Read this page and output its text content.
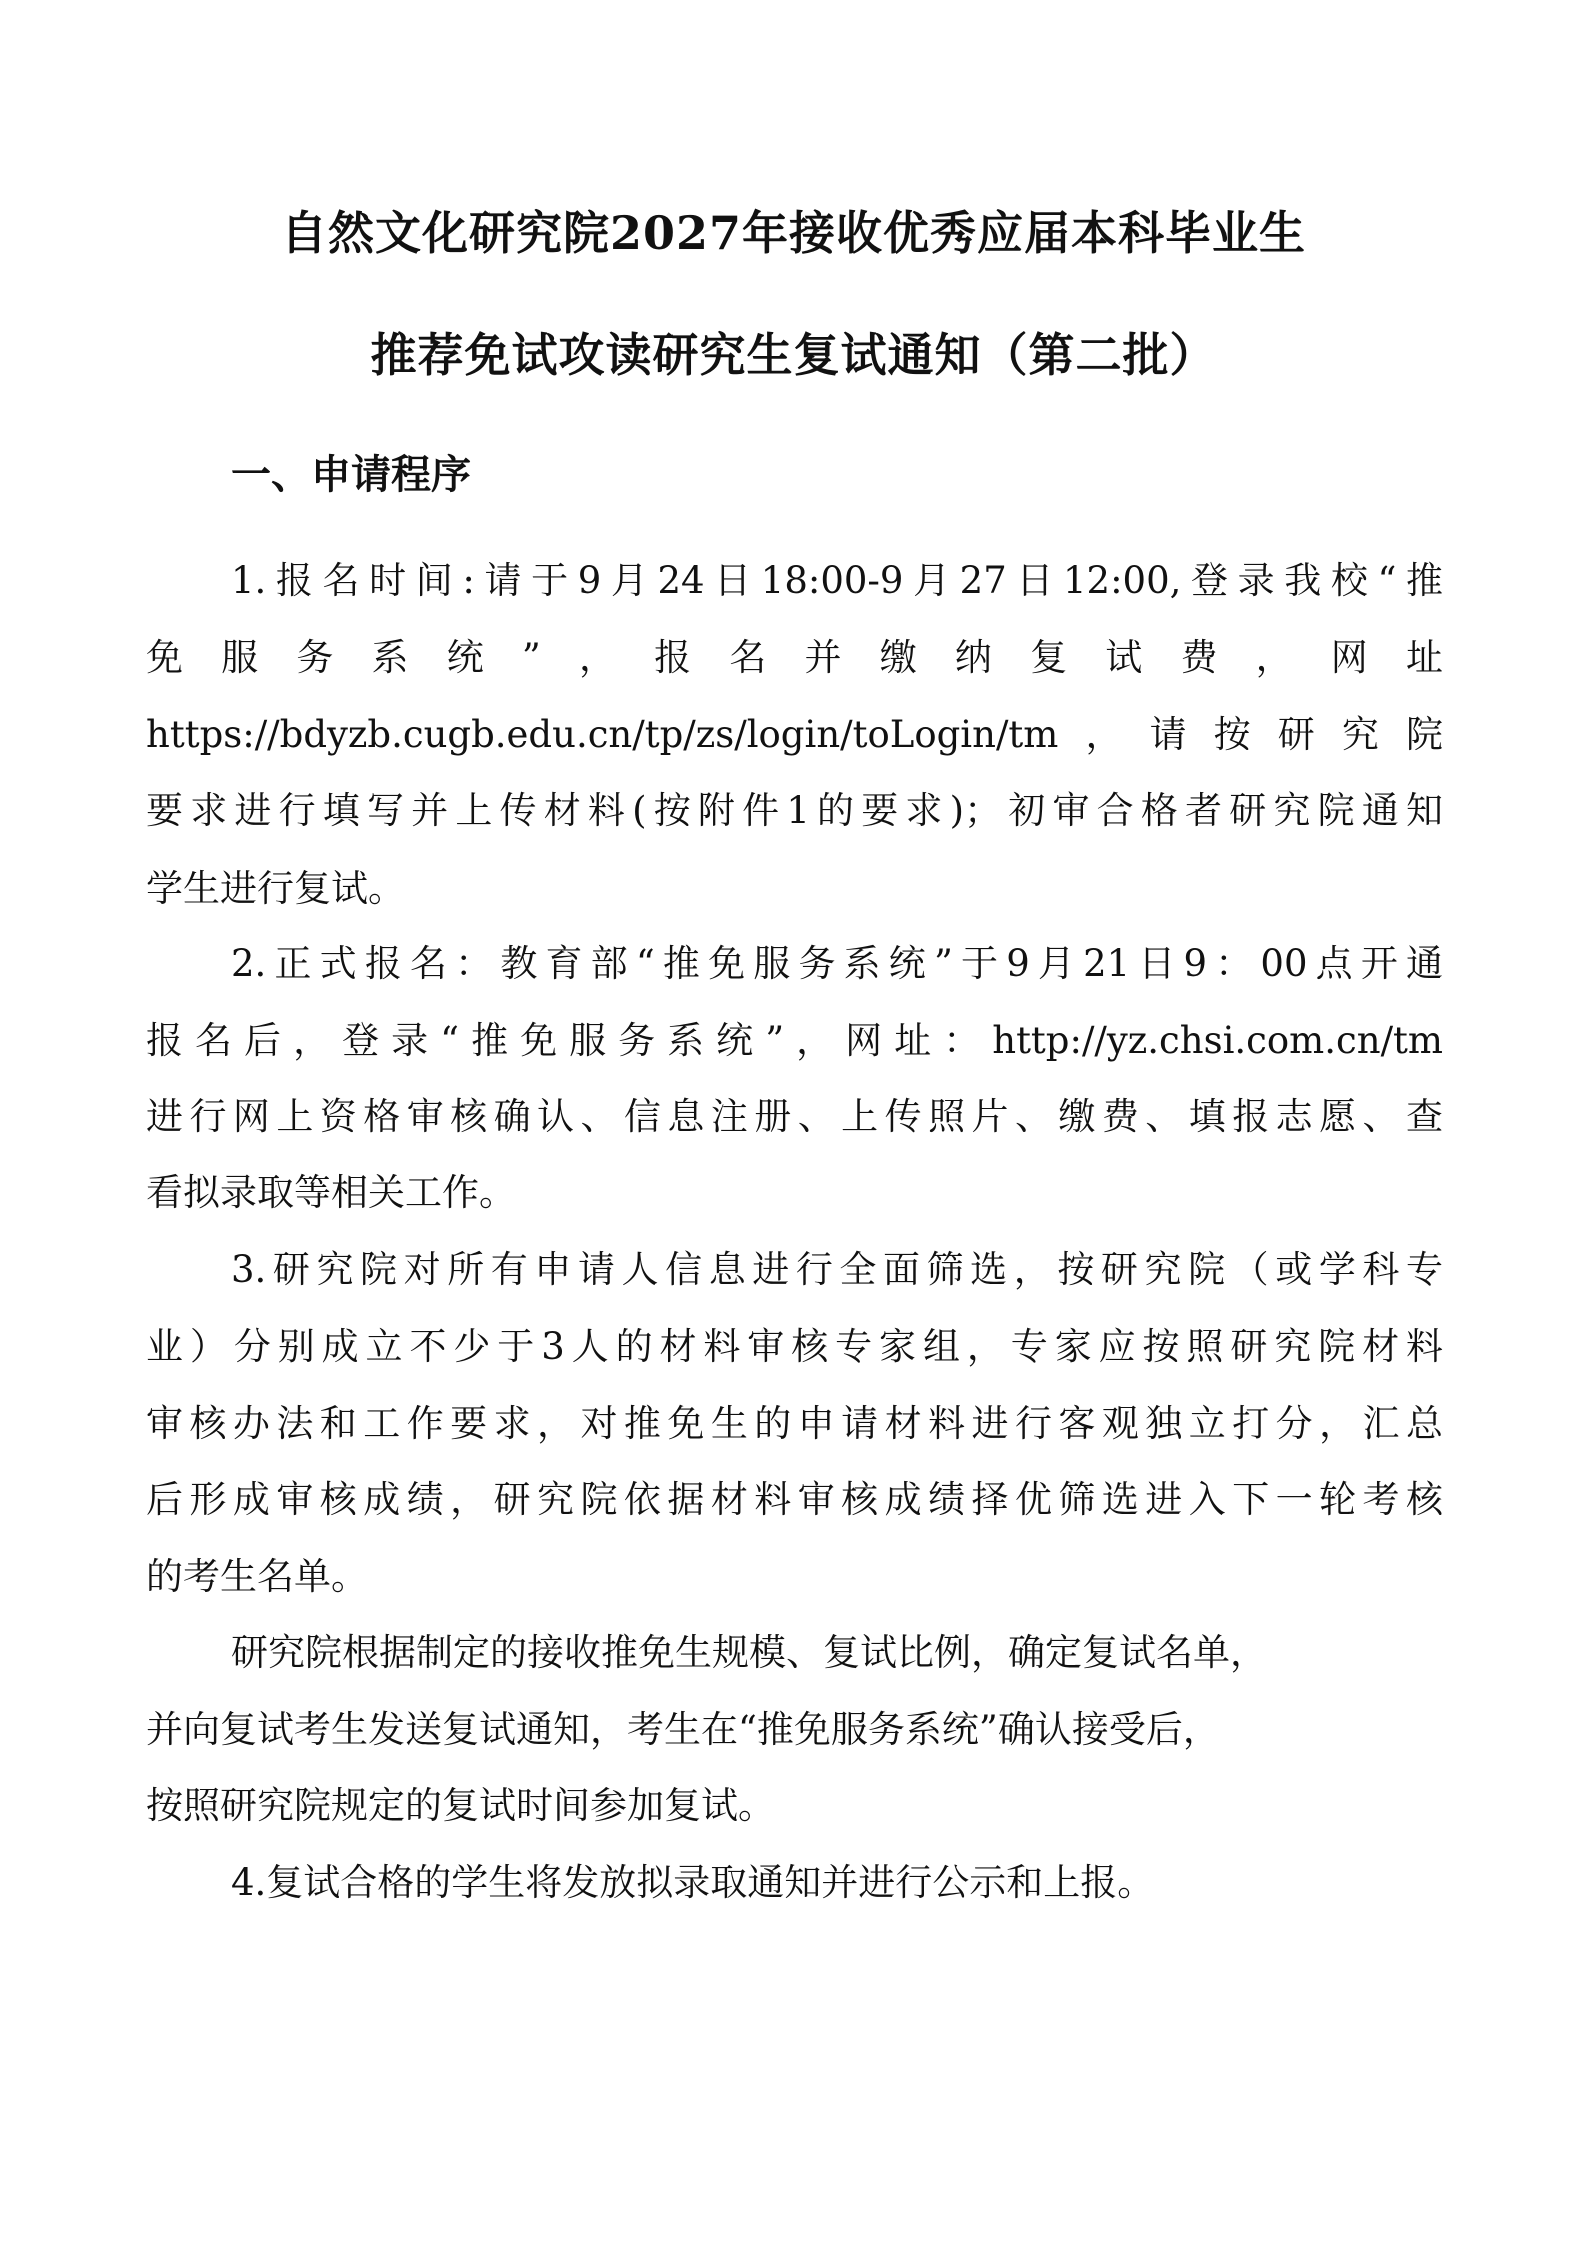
自然文化研究院2027年接收优秀应届本科毕业生
推荐免试攻读研究生复试通知（第二批）
一、申请程序
1.报名时间:请于9月24日18:00-9月27日12:00,登录我校“推
免服务系统”，报名并缴纳复试费，网址
https://bdyzb.cugb.edu.cn/tp/zs/login/toLogin/tm，请按研究院
要求进行填写并上传材料(按附件1的要求)；初审合格者研究院通知
学生进行复试。
2.正式报名：教育部“推免服务系统”于9月21日9：00点开通
报名后，登录“推免服务系统”，网址：http://yz.chsi.com.cn/tm
进行网上资格审核确认、信息注册、上传照片、缴费、填报志愿、查
看拟录取等相关工作。
3.研究院对所有申请人信息进行全面筛选，按研究院（或学科专
业）分别成立不少于3人的材料审核专家组，专家应按照研究院材料
审核办法和工作要求，对推免生的申请材料进行客观独立打分，汇总
后形成审核成绩，研究院依据材料审核成绩择优筛选进入下一轮考核
的考生名单。
研究院根据制定的接收推免生规模、复试比例，确定复试名单，
并向复试考生发送复试通知，考生在“推免服务系统”确认接受后，
按照研究院规定的复试时间参加复试。
4.复试合格的学生将发放拟录取通知并进行公示和上报。
